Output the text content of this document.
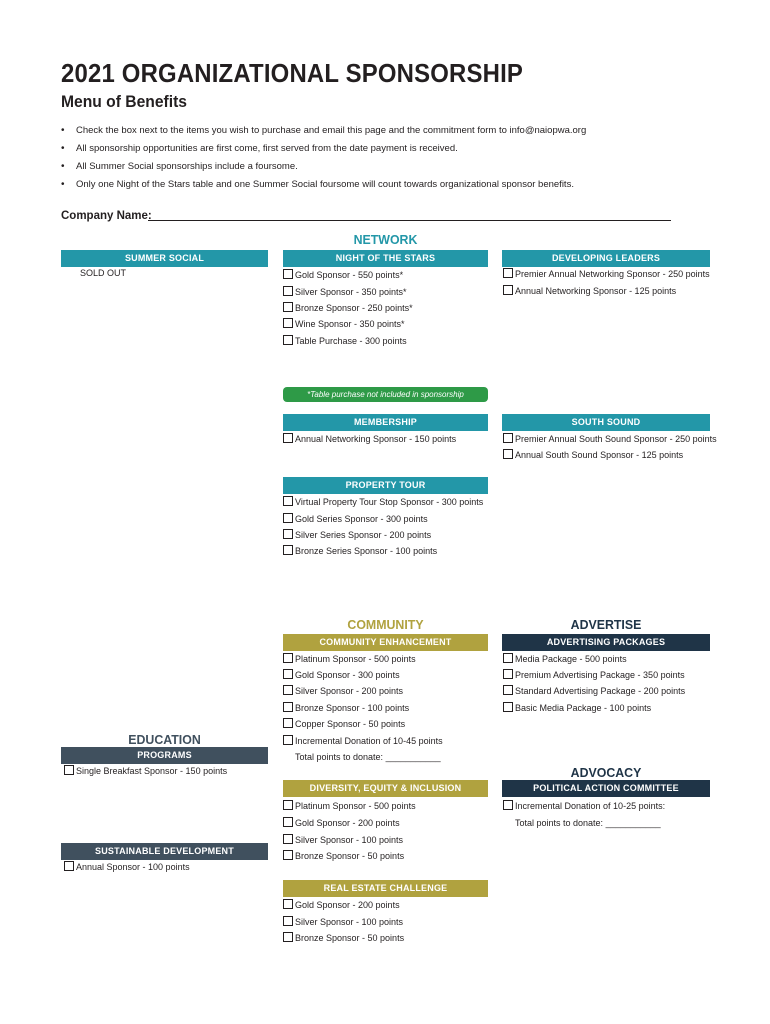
2021 ORGANIZATIONAL SPONSORSHIP
Menu of Benefits
• Check the box next to the items you wish to purchase and email this page and the commitment form to info@naiopwa.org
• All sponsorship opportunities are first come, first served from the date payment is received.
• All Summer Social sponsorships include a foursome.
• Only one Night of the Stars table and one Summer Social foursome will count towards organizational sponsor benefits.
Company Name:
NETWORK
SUMMER SOCIAL
SOLD OUT
NIGHT OF THE STARS
Gold Sponsor - 550 points*
Silver Sponsor - 350 points*
Bronze Sponsor - 250 points*
Wine Sponsor - 350 points*
Table Purchase - 300 points
*Table purchase not included in sponsorship
DEVELOPING LEADERS
Premier Annual Networking Sponsor - 250 points
Annual Networking Sponsor - 125 points
MEMBERSHIP
Annual Networking Sponsor - 150 points
SOUTH SOUND
Premier Annual South Sound Sponsor - 250 points
Annual South Sound Sponsor - 125 points
PROPERTY TOUR
Virtual Property Tour Stop Sponsor - 300 points
Gold Series Sponsor - 300 points
Silver Series Sponsor - 200 points
Bronze Series Sponsor - 100 points
COMMUNITY
COMMUNITY ENHANCEMENT
Platinum Sponsor - 500 points
Gold Sponsor - 300 points
Silver Sponsor - 200 points
Bronze Sponsor - 100 points
Copper Sponsor - 50 points
Incremental Donation of 10-45 points
Total points to donate: ___________
DIVERSITY, EQUITY & INCLUSION
Platinum Sponsor - 500 points
Gold Sponsor - 200 points
Silver Sponsor - 100 points
Bronze Sponsor - 50 points
REAL ESTATE CHALLENGE
Gold Sponsor - 200 points
Silver Sponsor - 100 points
Bronze Sponsor - 50 points
ADVERTISE
ADVERTISING PACKAGES
Media Package - 500 points
Premium Advertising Package - 350 points
Standard Advertising Package - 200 points
Basic Media Package - 100 points
ADVOCACY
POLITICAL ACTION COMMITTEE
Incremental Donation of 10-25 points:
Total points to donate: ___________
EDUCATION
PROGRAMS
Single Breakfast Sponsor - 150 points
SUSTAINABLE DEVELOPMENT
Annual Sponsor - 100 points
